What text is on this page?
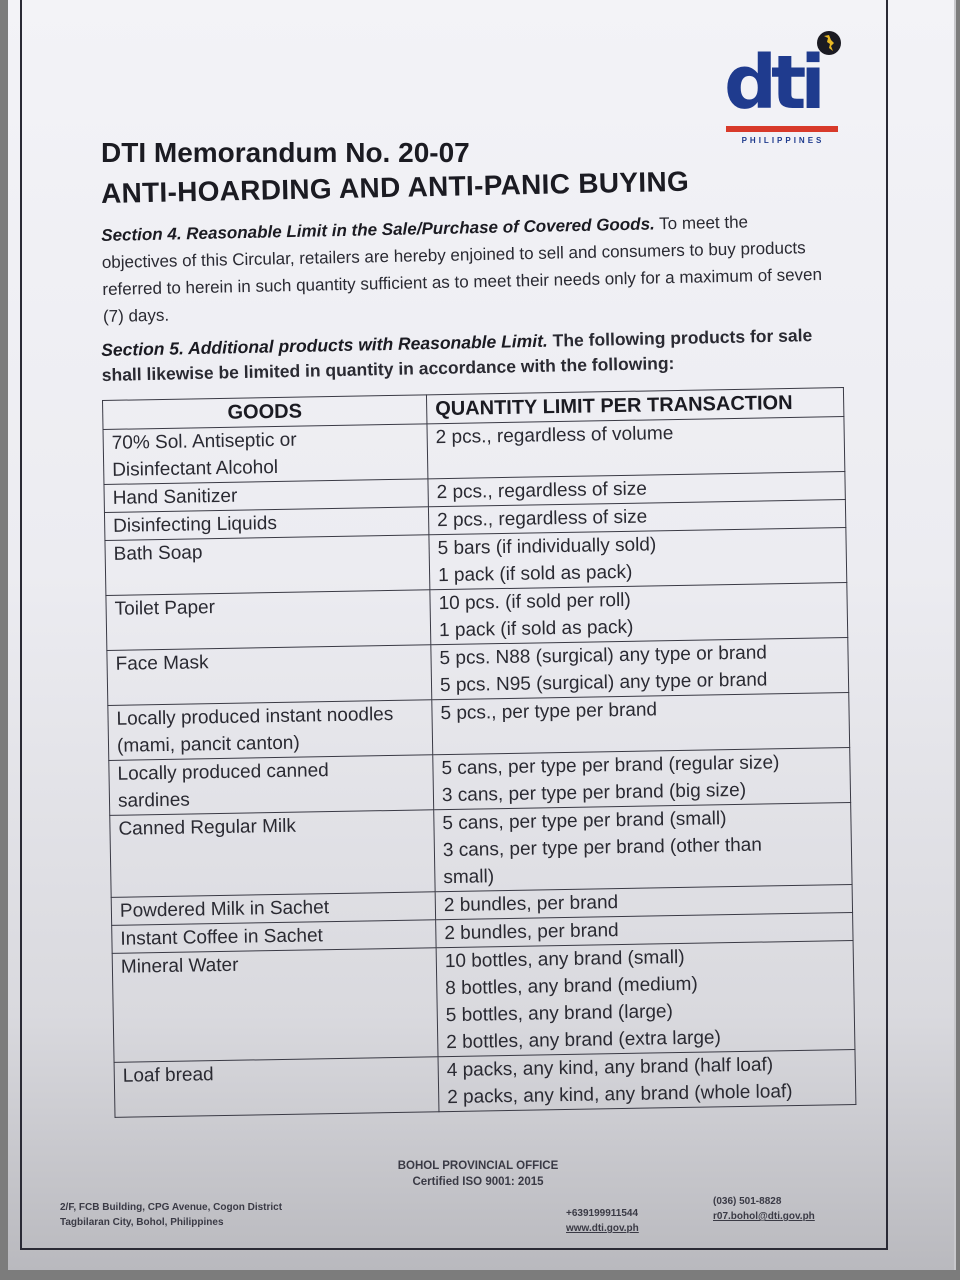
dti
PHILIPPINES
DTI Memorandum No. 20-07
ANTI-HOARDING AND ANTI-PANIC BUYING
Section 4. Reasonable Limit in the Sale/Purchase of Covered Goods. To meet the objectives of this Circular, retailers are hereby enjoined to sell and consumers to buy products referred to herein in such quantity sufficient as to meet their needs only for a maximum of seven (7) days.
Section 5. Additional products with Reasonable Limit. The following products for sale shall likewise be limited in quantity in accordance with the following:
GOODS	QUANTITY LIMIT PER TRANSACTION

70% Sol. Antiseptic or
Disinfectant Alcohol	2 pcs., regardless of volume

Hand Sanitizer	2 pcs., regardless of size

Disinfecting Liquids	2 pcs., regardless of size

Bath Soap	5 bars (if individually sold)
1 pack (if sold as pack)

Toilet Paper	10 pcs. (if sold per roll)
1 pack (if sold as pack)

Face Mask	5 pcs. N88 (surgical) any type or brand
5 pcs. N95 (surgical) any type or brand

Locally produced instant noodles
(mami, pancit canton)	5 pcs., per type per brand

Locally produced canned
sardines	5 cans, per type per brand (regular size)
3 cans, per type per brand (big size)

Canned Regular Milk	5 cans, per type per brand (small)
3 cans, per type per brand (other than
small)

Powdered Milk in Sachet	2 bundles, per brand

Instant Coffee in Sachet	2 bundles, per brand

Mineral Water	10 bottles, any brand (small)
8 bottles, any brand (medium)
5 bottles, any brand (large)
2 bottles, any brand (extra large)

Loaf bread	4 packs, any kind, any brand (half loaf)
2 packs, any kind, any brand (whole loaf)
BOHOL PROVINCIAL OFFICE
Certified ISO 9001: 2015
2/F, FCB Building, CPG Avenue, Cogon District
Tagbilaran City, Bohol, Philippines
+639199911544
www.dti.gov.ph
(036) 501-8828
r07.bohol@dti.gov.ph
